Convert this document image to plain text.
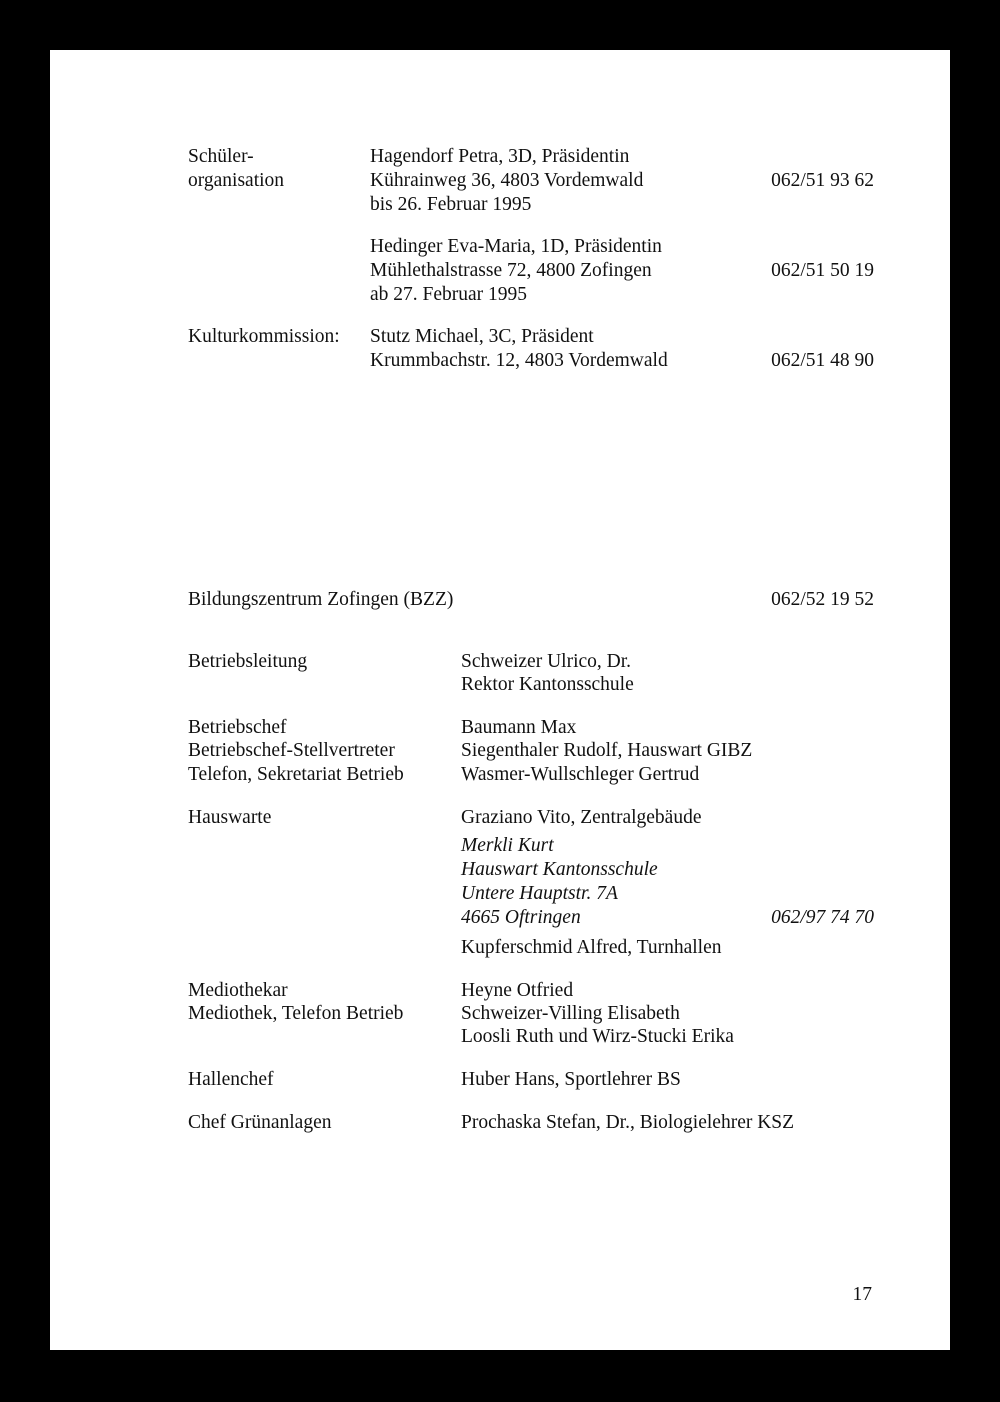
Schüler-
organisation
Hagendorf Petra, 3D, Präsidentin
Kührainweg 36, 4803 Vordemwald	062/51 93 62
bis 26. Februar 1995
Hedinger Eva-Maria, 1D, Präsidentin
Mühlethalstrasse 72, 4800 Zofingen	062/51 50 19
ab 27. Februar 1995
Kulturkommission: Stutz Michael, 3C, Präsident
Krummbachstr. 12, 4803 Vordemwald	062/51 48 90
Bildungszentrum Zofingen (BZZ)	062/52 19 52
Betriebsleitung	Schweizer Ulrico, Dr.
Rektor Kantonsschule
Betriebschef	Baumann Max
Betriebschef-Stellvertreter	Siegenthaler Rudolf, Hauswart GIBZ
Telefon, Sekretariat Betrieb	Wasmer-Wullschleger Gertrud
Hauswarte	Graziano Vito, Zentralgebäude
Merkli Kurt
Hauswart Kantonsschule
Untere Hauptstr. 7A
4665 Oftringen	062/97 74 70
Kupferschmid Alfred, Turnhallen
Mediothekar	Heyne Otfried
Mediothek, Telefon Betrieb	Schweizer-Villing Elisabeth
Loosli Ruth und Wirz-Stucki Erika
Hallenchef	Huber Hans, Sportlehrer BS
Chef Grünanlagen	Prochaska Stefan, Dr., Biologielehrer KSZ
17
